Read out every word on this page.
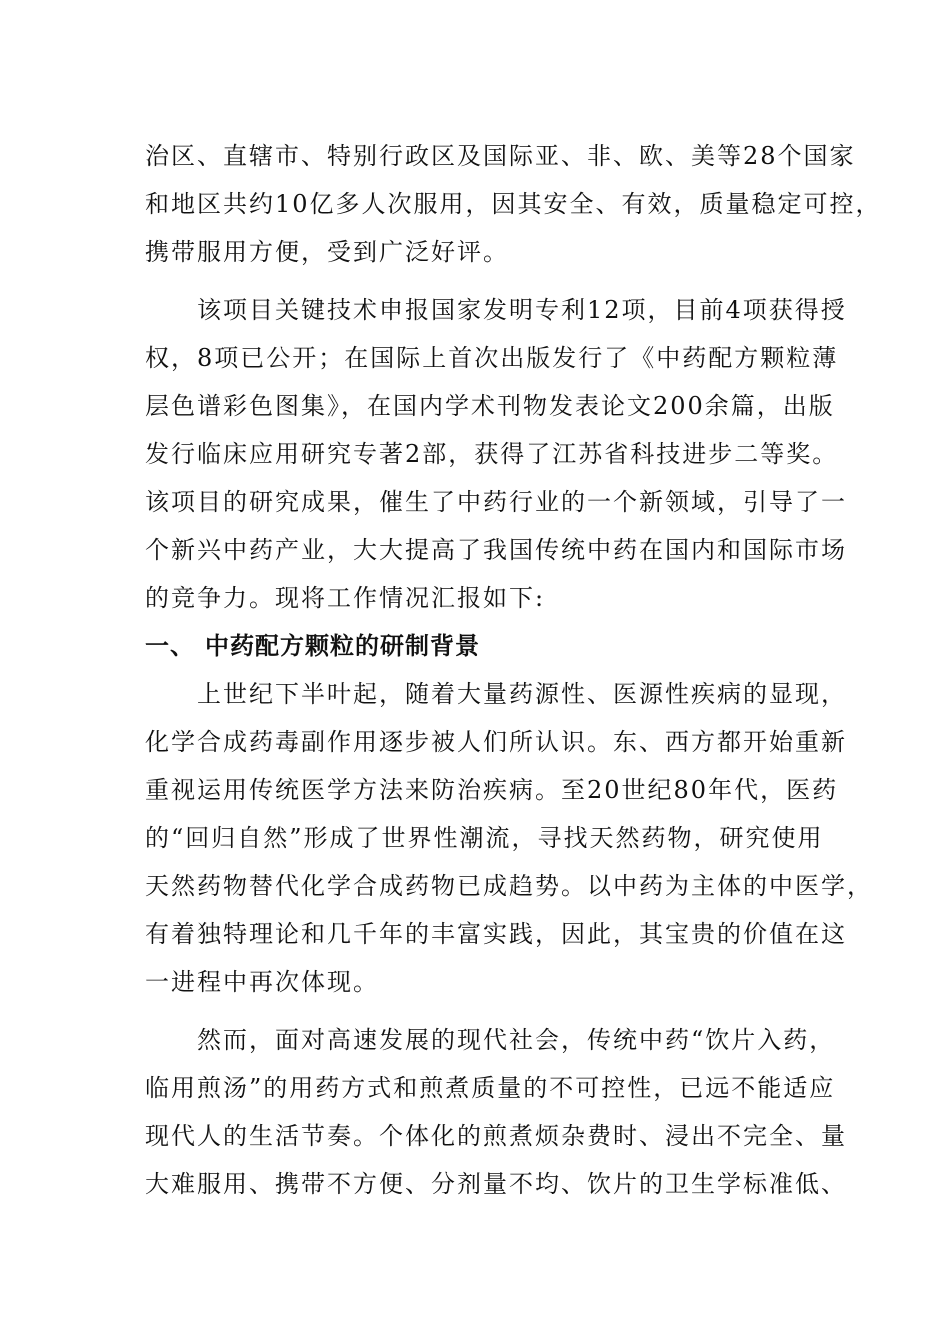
治区、直辖市、特别行政区及国际亚、非、欧、美等28个国家
和地区共约10亿多人次服用，因其安全、有效，质量稳定可控，
携带服用方便，受到广泛好评。
　　该项目关键技术申报国家发明专利12项，目前4项获得授
权，8项已公开；在国际上首次出版发行了《中药配方颗粒薄
层色谱彩色图集》，在国内学术刊物发表论文200余篇，出版
发行临床应用研究专著2部，获得了江苏省科技进步二等奖。
该项目的研究成果，催生了中药行业的一个新领域，引导了一
个新兴中药产业，大大提高了我国传统中药在国内和国际市场
的竞争力。现将工作情况汇报如下:
一、 中药配方颗粒的研制背景
　　上世纪下半叶起，随着大量药源性、医源性疾病的显现，
化学合成药毒副作用逐步被人们所认识。东、西方都开始重新
重视运用传统医学方法来防治疾病。至20世纪80年代，医药
的“回归自然”形成了世界性潮流，寻找天然药物，研究使用
天然药物替代化学合成药物已成趋势。以中药为主体的中医学，
有着独特理论和几千年的丰富实践，因此，其宝贵的价值在这
一进程中再次体现。
　　然而，面对高速发展的现代社会，传统中药“饮片入药，
临用煎汤”的用药方式和煎煮质量的不可控性，已远不能适应
现代人的生活节奏。个体化的煎煮烦杂费时、浸出不完全、量
大难服用、携带不方便、分剂量不均、饮片的卫生学标准低、
